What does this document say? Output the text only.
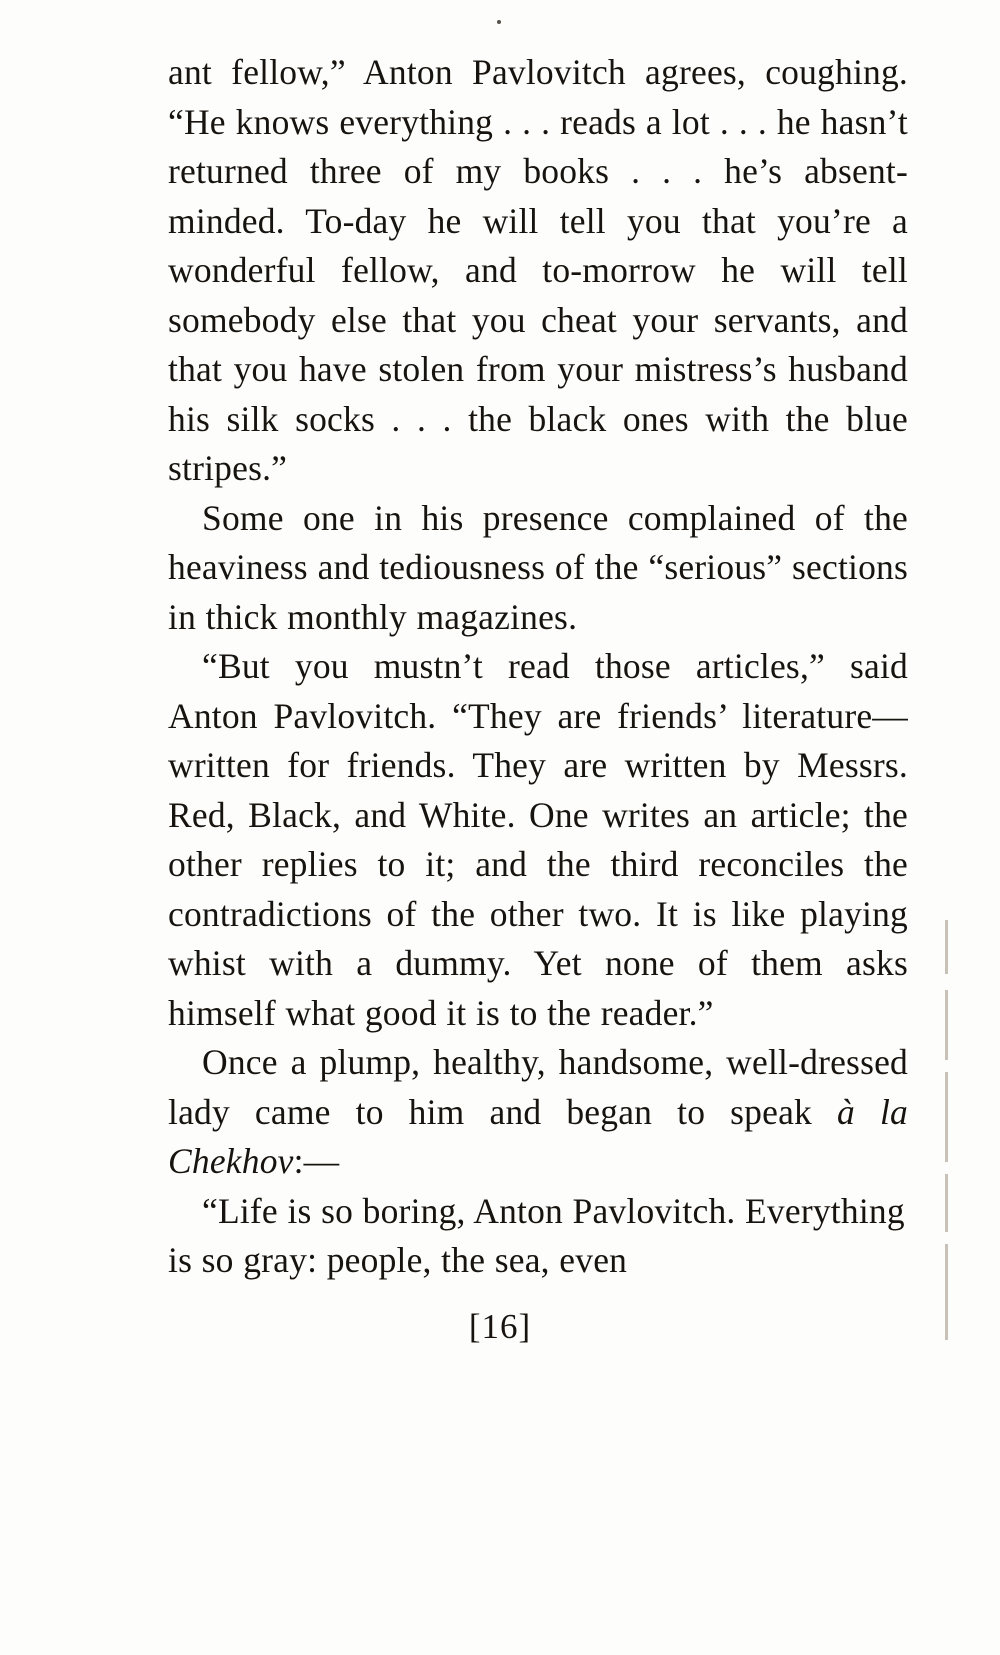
ant fellow,” Anton Pavlovitch agrees, coughing. “He knows everything . . . reads a lot . . . he hasn’t returned three of my books . . . he’s absent-minded. To-day he will tell you that you’re a wonderful fellow, and to-morrow he will tell somebody else that you cheat your servants, and that you have stolen from your mistress’s husband his silk socks . . . the black ones with the blue stripes.”

Some one in his presence complained of the heaviness and tediousness of the “serious” sections in thick monthly magazines.

“But you mustn’t read those articles,” said Anton Pavlovitch. “They are friends’ literature—written for friends. They are written by Messrs. Red, Black, and White. One writes an article; the other replies to it; and the third reconciles the contradictions of the other two. It is like playing whist with a dummy. Yet none of them asks himself what good it is to the reader.”

Once a plump, healthy, handsome, well-dressed lady came to him and began to speak à la Chekhov:—

“Life is so boring, Anton Pavlovitch. Everything is so gray: people, the sea, even

[16]
